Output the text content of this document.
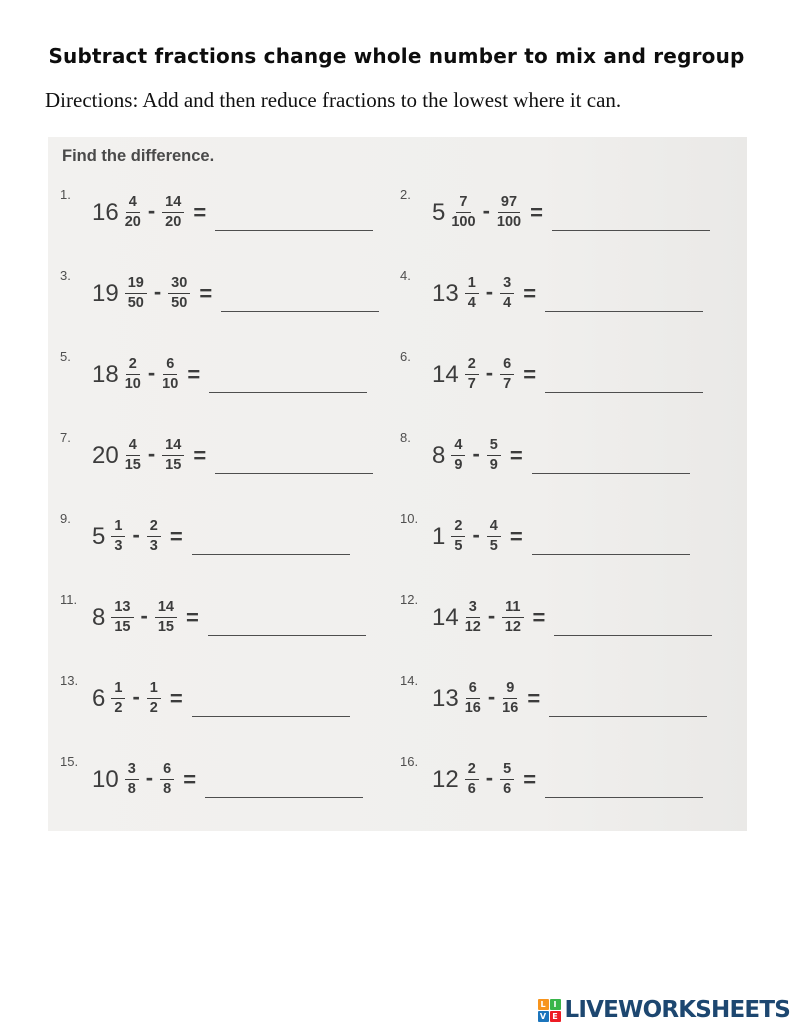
Subtract fractions change whole number to mix and regroup

Directions: Add and then reduce fractions to the lowest where it can.

Find the difference.
1.
$16 \frac{4}{20} - \frac{14}{20}$ =
2.
$5 \frac{7}{100} - \frac{97}{100}$ =
3.
$19 \frac{19}{50} - \frac{30}{50}$ =
4.
$13 \frac{1}{4} - \frac{3}{4}$ =
5.
$18 \frac{2}{10} - \frac{6}{10}$ =
6.
$14 \frac{2}{7} - \frac{6}{7}$ =
7.
$20 \frac{4}{15} - \frac{14}{15}$ =
8.
$8 \frac{4}{9} - \frac{5}{9}$ =
9.
$5 \frac{1}{3} - \frac{2}{3}$ =
10.
$1 \frac{2}{5} - \frac{4}{5}$ =
11.
$8 \frac{13}{15} - \frac{14}{15}$ =
12.
$14 \frac{3}{12} - \frac{11}{12}$ =
13.
$6 \frac{1}{2} - \frac{1}{2}$ =
14.
$13 \frac{6}{16} - \frac{9}{16}$ =
15.
$10 \frac{3}{8} - \frac{6}{8}$ =
16.
$12 \frac{2}{6} - \frac{5}{6}$ =
L I
V E LIVEWORKSHEETS
